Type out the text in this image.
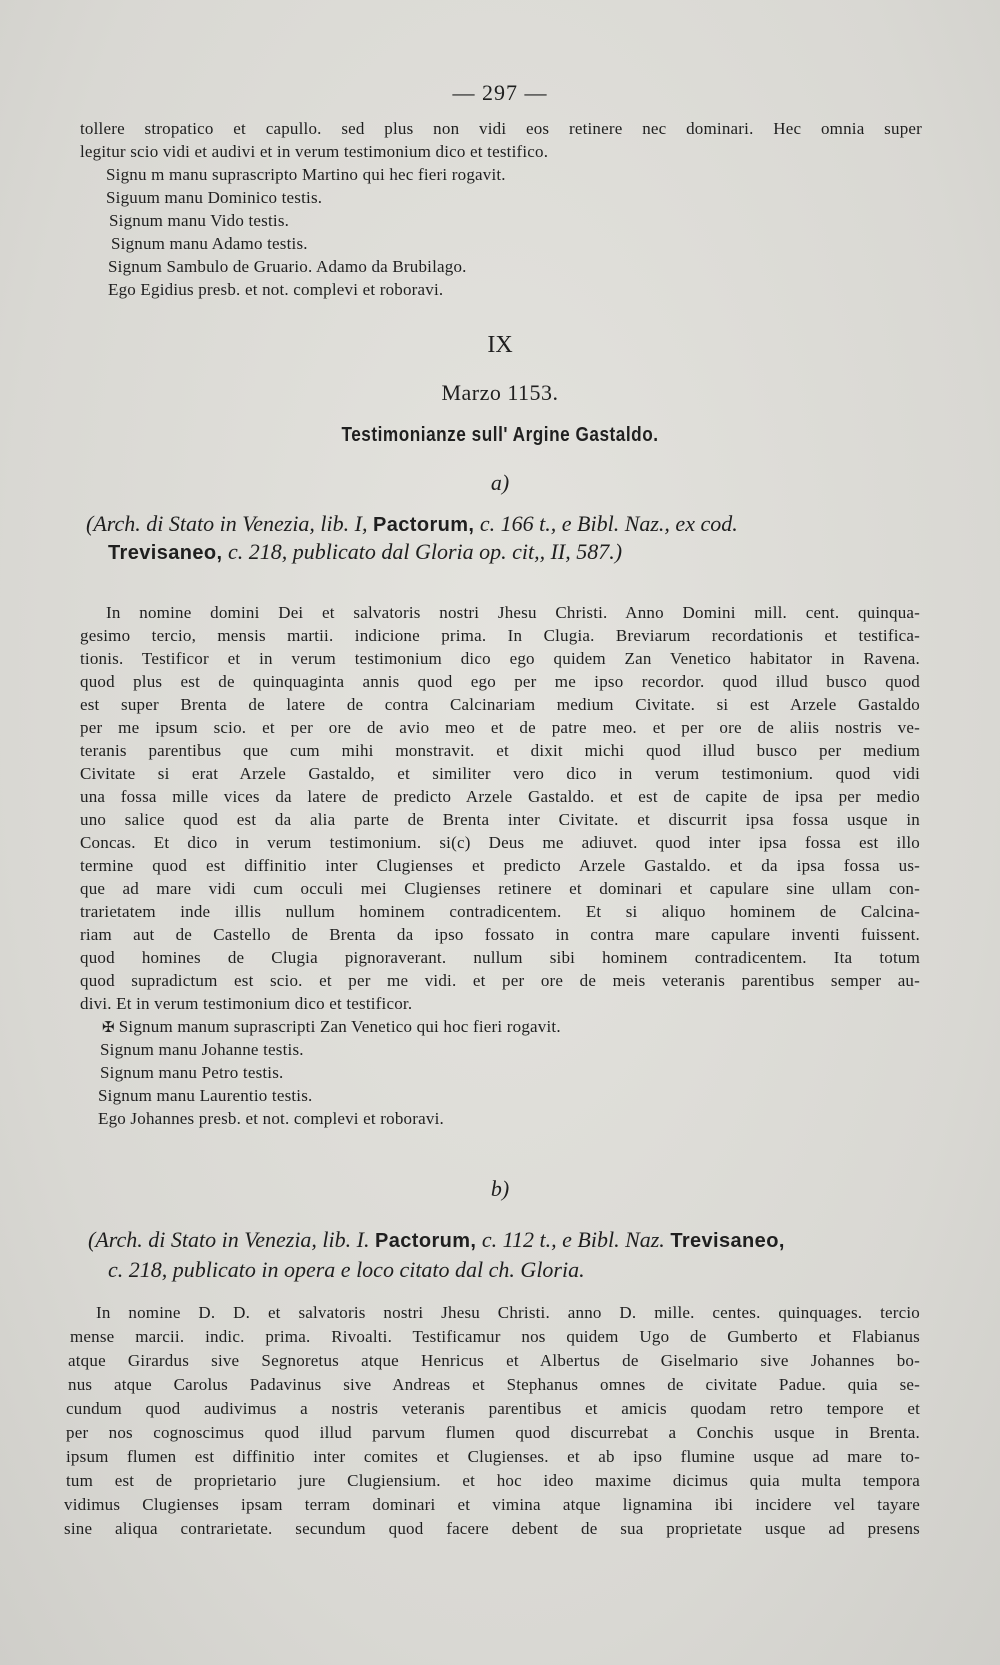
— 297 —
tollere stropatico et capullo. sed plus non vidi eos retinere nec dominari. Hec omnia super
legitur scio vidi et audivi et in verum testimonium dico et testifico.
Signu m manu suprascripto Martino qui hec fieri rogavit.
Siguum manu Dominico testis.
Signum manu Vido testis.
Signum manu Adamo testis.
Signum Sambulo de Gruario. Adamo da Brubilago.
Ego Egidius presb. et not. complevi et roboravi.
IX
Marzo 1153.
Testimonianze sull' Argine Gastaldo.
a)
(Arch. di Stato in Venezia, lib. I, Pactorum, c. 166 t., e Bibl. Naz., ex cod.
Trevisaneo, c. 218, publicato dal Gloria op. cit,, II, 587.)
In nomine domini Dei et salvatoris nostri Jhesu Christi. Anno Domini mill. cent. quinqua-
gesimo tercio, mensis martii. indicione prima. In Clugia. Breviarum recordationis et testifica-
tionis. Testificor et in verum testimonium dico ego quidem Zan Venetico habitator in Ravena.
quod plus est de quinquaginta annis quod ego per me ipso recordor. quod illud busco quod
est super Brenta de latere de contra Calcinariam medium Civitate. si est Arzele Gastaldo
per me ipsum scio. et per ore de avio meo et de patre meo. et per ore de aliis nostris ve-
teranis parentibus que cum mihi monstravit. et dixit michi quod illud busco per medium
Civitate si erat Arzele Gastaldo, et similiter vero dico in verum testimonium. quod vidi
una fossa mille vices da latere de predicto Arzele Gastaldo. et est de capite de ipsa per medio
uno salice quod est da alia parte de Brenta inter Civitate. et discurrit ipsa fossa usque in
Concas. Et dico in verum testimonium. si(c) Deus me adiuvet. quod inter ipsa fossa est illo
termine quod est diffinitio inter Clugienses et predicto Arzele Gastaldo. et da ipsa fossa us-
que ad mare vidi cum occuli mei Clugienses retinere et dominari et capulare sine ullam con-
trarietatem inde illis nullum hominem contradicentem. Et si aliquo hominem de Calcina-
riam aut de Castello de Brenta da ipso fossato in contra mare capulare inventi fuissent.
quod homines de Clugia pignoraverant. nullum sibi hominem contradicentem. Ita totum
quod supradictum est scio. et per me vidi. et per ore de meis veteranis parentibus semper au-
divi. Et in verum testimonium dico et testificor.
✠ Signum manum suprascripti Zan Venetico qui hoc fieri rogavit.
Signum manu Johanne testis.
Signum manu Petro testis.
Signum manu Laurentio testis.
Ego Johannes presb. et not. complevi et roboravi.
b)
(Arch. di Stato in Venezia, lib. I. Pactorum, c. 112 t., e Bibl. Naz. Trevisaneo,
c. 218, publicato in opera e loco citato dal ch. Gloria.
In nomine D. D. et salvatoris nostri Jhesu Christi. anno D. mille. centes. quinquages. tercio
mense marcii. indic. prima. Rivoalti. Testificamur nos quidem Ugo de Gumberto et Flabianus
atque Girardus sive Segnoretus atque Henricus et Albertus de Giselmario sive Johannes bo-
nus atque Carolus Padavinus sive Andreas et Stephanus omnes de civitate Padue. quia se-
cundum quod audivimus a nostris veteranis parentibus et amicis quodam retro tempore et
per nos cognoscimus quod illud parvum flumen quod discurrebat a Conchis usque in Brenta.
ipsum flumen est diffinitio inter comites et Clugienses. et ab ipso flumine usque ad mare to-
tum est de proprietario jure Clugiensium. et hoc ideo maxime dicimus quia multa tempora
vidimus Clugienses ipsam terram dominari et vimina atque lignamina ibi incidere vel tayare
sine aliqua contrarietate. secundum quod facere debent de sua proprietate usque ad presens
